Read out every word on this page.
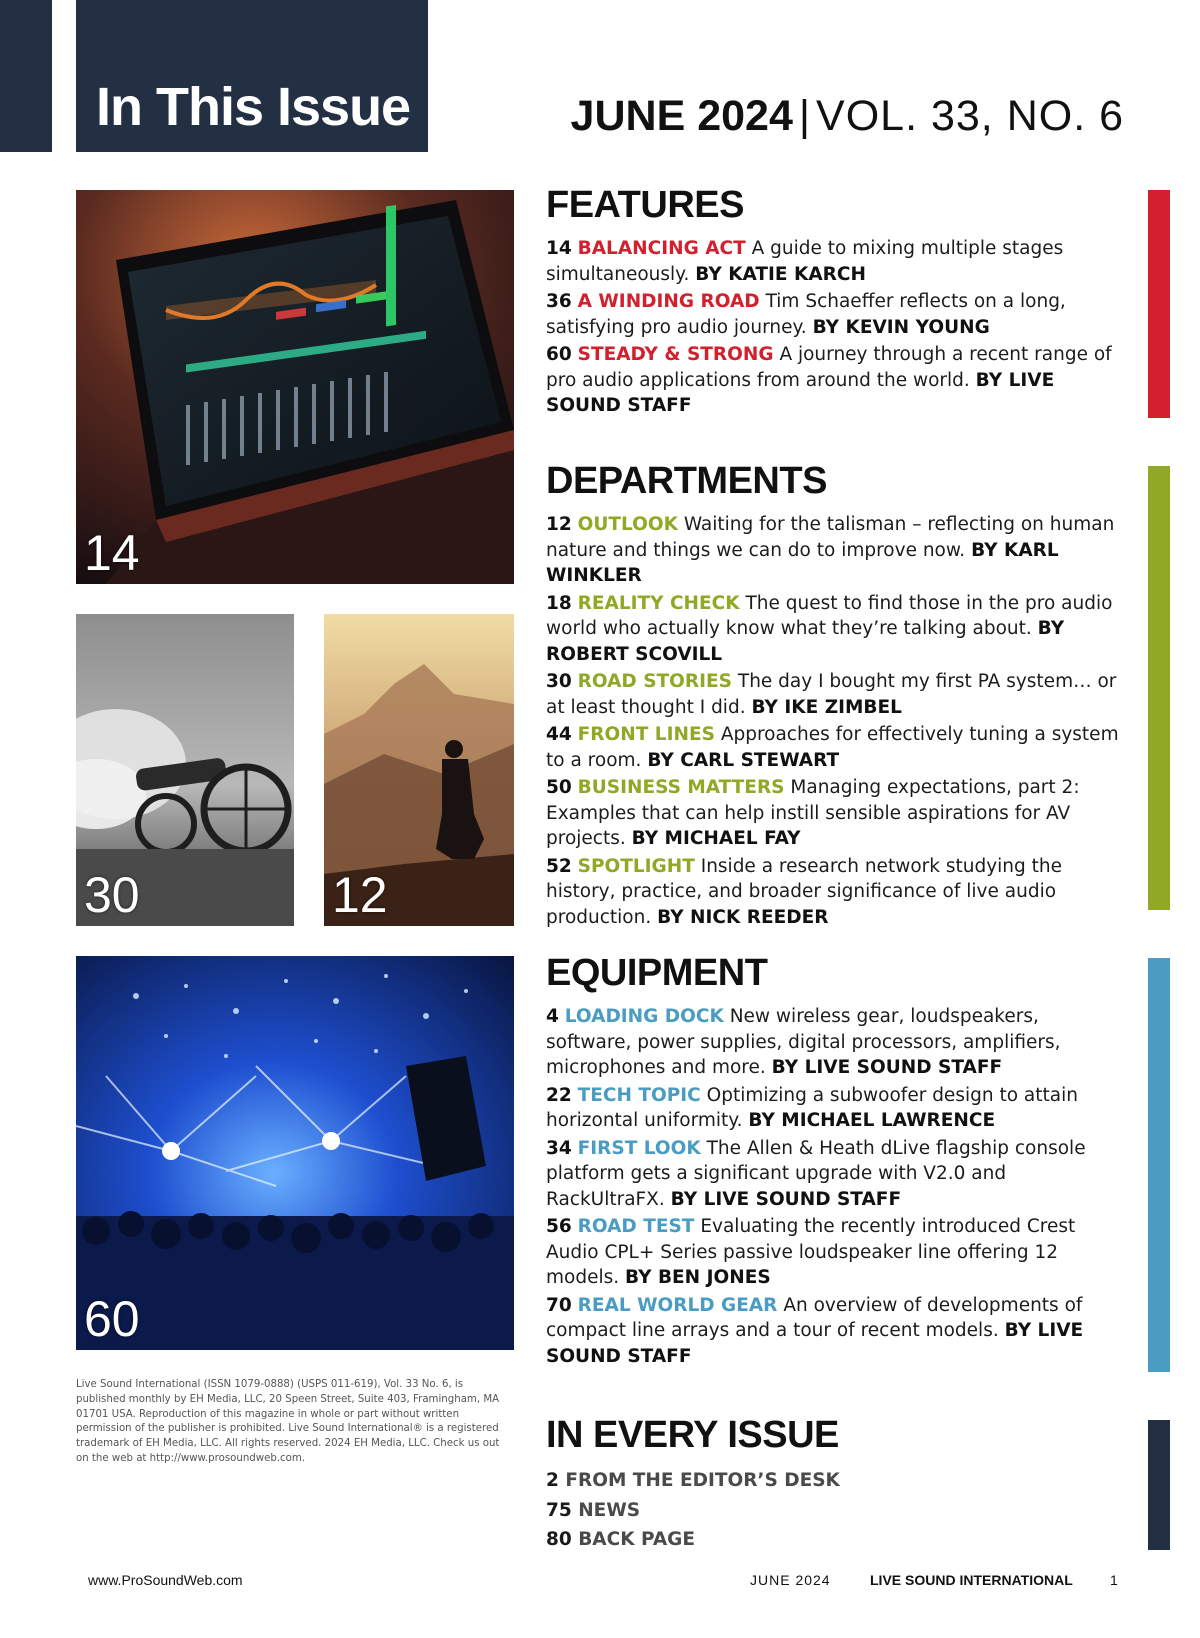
In This Issue	JUNE 2024 | VOL. 33, NO. 6
14
30	12
60
FEATURES
14 BALANCING ACT A guide to mixing multiple stages simultaneously. BY KATIE KARCH
36 A WINDING ROAD Tim Schaeffer reflects on a long, satisfying pro audio journey. BY KEVIN YOUNG
60 STEADY & STRONG A journey through a recent range of pro audio applications from around the world. BY LIVE SOUND STAFF
DEPARTMENTS
12 OUTLOOK Waiting for the talisman – reflecting on human nature and things we can do to improve now. BY KARL WINKLER
18 REALITY CHECK The quest to find those in the pro audio world who actually know what they’re talking about. BY ROBERT SCOVILL
30 ROAD STORIES The day I bought my first PA system… or at least thought I did. BY IKE ZIMBEL
44 FRONT LINES Approaches for effectively tuning a system to a room. BY CARL STEWART
50 BUSINESS MATTERS Managing expectations, part 2: Examples that can help instill sensible aspirations for AV projects. BY MICHAEL FAY
52 SPOTLIGHT Inside a research network studying the history, practice, and broader significance of live audio production. BY NICK REEDER
EQUIPMENT
4 LOADING DOCK New wireless gear, loudspeakers, software, power supplies, digital processors, amplifiers, microphones and more. BY LIVE SOUND STAFF
22 TECH TOPIC Optimizing a subwoofer design to attain horizontal uniformity. BY MICHAEL LAWRENCE
34 FIRST LOOK The Allen & Heath dLive flagship console platform gets a significant upgrade with V2.0 and RackUltraFX. BY LIVE SOUND STAFF
56 ROAD TEST Evaluating the recently introduced Crest Audio CPL+ Series passive loudspeaker line offering 12 models. BY BEN JONES
70 REAL WORLD GEAR An overview of developments of compact line arrays and a tour of recent models. BY LIVE SOUND STAFF
IN EVERY ISSUE
2 FROM THE EDITOR’S DESK
75 NEWS
80 BACK PAGE
Live Sound International (ISSN 1079-0888) (USPS 011-619), Vol. 33 No. 6, is published monthly by EH Media, LLC, 20 Speen Street, Suite 403, Framingham, MA 01701 USA. Reproduction of this magazine in whole or part without written permission of the publisher is prohibited. Live Sound International® is a registered trademark of EH Media, LLC. All rights reserved. 2024 EH Media, LLC. Check us out on the web at http://www.prosoundweb.com.
www.ProSoundWeb.com	JUNE 2024	LIVE SOUND INTERNATIONAL	1
